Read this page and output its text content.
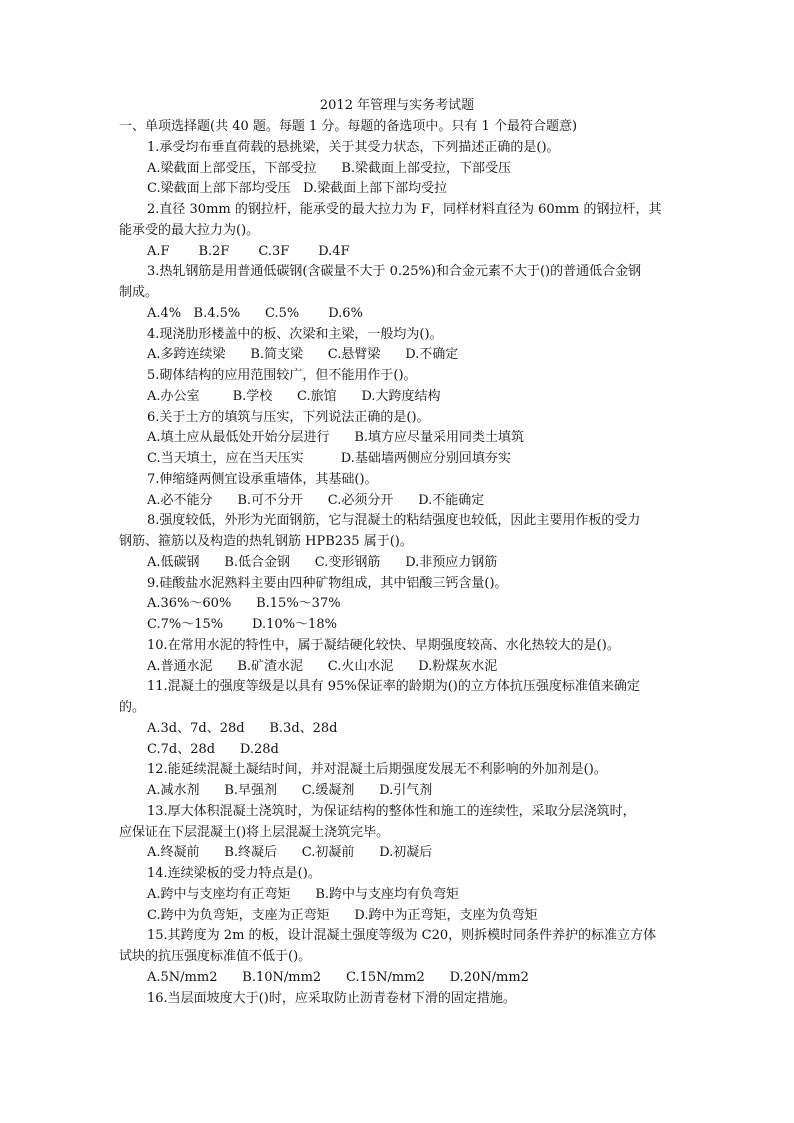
2012 年管理与实务考试题
一、单项选择题(共 40 题。每题 1 分。每题的备选项中。只有 1 个最符合题意)
1.承受均布垂直荷载的悬挑梁，关于其受力状态，下列描述正确的是()。
A.梁截面上部受压，下部受拉      B.梁截面上部受拉，下部受压
C.梁截面上部下部均受压   D.梁截面上部下部均受拉
2.直径 30mm 的钢拉杆，能承受的最大拉力为 F，同样材料直径为 60mm 的钢拉杆，其
能承受的最大拉力为()。
A.F       B.2F       C.3F       D.4F
3.热轧钢筋是用普通低碳钢(含碳量不大于 0.25%)和合金元素不大于()的普通低合金钢
制成。
A.4%   B.4.5%      C.5%       D.6%
4.现浇肋形楼盖中的板、次梁和主梁，一般均为()。
A.多跨连续梁      B.简支梁      C.悬臂梁      D.不确定
5.砌体结构的应用范围较广，但不能用作于()。
A.办公室        B.学校      C.旅馆      D.大跨度结构
6.关于土方的填筑与压实，下列说法正确的是()。
A.填土应从最低处开始分层进行      B.填方应尽量采用同类土填筑
C.当天填土，应在当天压实         D.基础墙两侧应分别回填夯实
7.伸缩缝两侧宜设承重墙体，其基础()。
A.必不能分      B.可不分开      C.必须分开      D.不能确定
8.强度较低，外形为光面钢筋，它与混凝土的粘结强度也较低，因此主要用作板的受力
钢筋、箍筋以及构造的热轧钢筋 HPB235 属于()。
A.低碳钢      B.低合金钢      C.变形钢筋      D.非预应力钢筋
9.硅酸盐水泥熟料主要由四种矿物组成，其中铝酸三钙含量()。
A.36%～60%      B.15%～37%
C.7%～15%       D.10%～18%
10.在常用水泥的特性中，属于凝结硬化较快、早期强度较高、水化热较大的是()。
A.普通水泥      B.矿渣水泥      C.火山水泥      D.粉煤灰水泥
11.混凝土的强度等级是以具有 95%保证率的龄期为()的立方体抗压强度标准值来确定
的。
A.3d、7d、28d      B.3d、28d
C.7d、28d      D.28d
12.能延续混凝土凝结时间，并对混凝土后期强度发展无不利影响的外加剂是()。
A.减水剂      B.早强剂      C.缓凝剂      D.引气剂
13.厚大体积混凝土浇筑时，为保证结构的整体性和施工的连续性，采取分层浇筑时，
应保证在下层混凝土()将上层混凝土浇筑完毕。
A.终凝前      B.终凝后      C.初凝前      D.初凝后
14.连续梁板的受力特点是()。
A.跨中与支座均有正弯矩      B.跨中与支座均有负弯矩
C.跨中为负弯矩，支座为正弯矩      D.跨中为正弯矩，支座为负弯矩
15.其跨度为 2m 的板，设计混凝土强度等级为 C20，则拆模时同条件养护的标准立方体
试块的抗压强度标准值不低于()。
A.5N/mm2      B.10N/mm2      C.15N/mm2      D.20N/mm2
16.当层面坡度大于()时，应采取防止沥青卷材下滑的固定措施。
